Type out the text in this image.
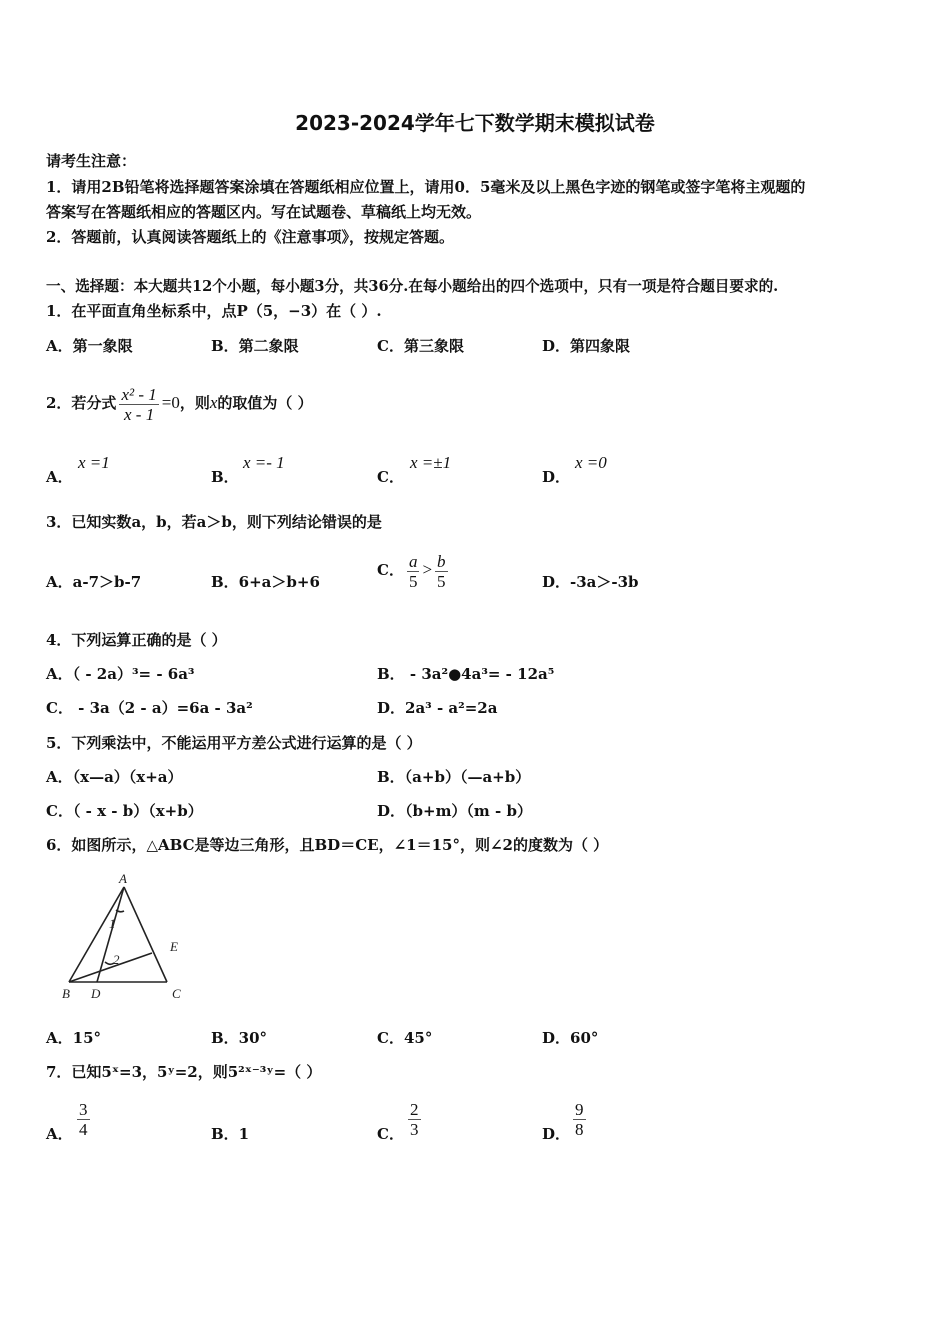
2023-2024学年七下数学期末模拟试卷
请考生注意：
1．请用2B铅笔将选择题答案涂填在答题纸相应位置上，请用0．5毫米及以上黑色字迹的钢笔或签字笔将主观题的
答案写在答题纸相应的答题区内。写在试题卷、草稿纸上均无效。
2．答题前，认真阅读答题纸上的《注意事项》，按规定答题。
一、选择题：本大题共12个小题，每小题3分，共36分.在每小题给出的四个选项中，只有一项是符合题目要求的.
1．在平面直角坐标系中，点P（5，−3）在（ ）.
A．第一象限	B．第二象限	C．第三象限	D．第四象限
2．若分式 $\frac{\text{x² - 1}}{x - 1} =0$，则x的取值为（ ）
A．
x =1
B．
x =- 1
C．
x =±1
D．
x =0
3．已知实数a，b，若a＞b，则下列结论错误的是
A．a-7＞b-7	B．6+a＞b+6
C． $\frac{a}{5} > \frac{b}{5}$	D．-3a＞-3b
4．下列运算正确的是（ ）
A．（ - 2a）³= - 6a³	B． - 3a²●4a³= - 12a⁵
C． - 3a（2 - a）=6a - 3a²	D．2a³ - a²=2a
5．下列乘法中，不能运用平方差公式进行运算的是（ ）
A．（x—a）（x+a）	B．（a+b）（—a+b）
C．（ - x - b）（x+b）	D．（b+m）（m - b）
6．如图所示，△ABC是等边三角形，且BD＝CE，∠1＝15°，则∠2的度数为（ ）
A
B	C
D
E
1
2
A．15°	B．30°	C．45°	D．60°
7．已知5ˣ=3，5ʸ=2，则5²ˣ⁻³ʸ=（ ）
A． $\frac{3}{4}$	B．1	C． $\frac{2}{3}$	D． $\frac{9}{8}$
